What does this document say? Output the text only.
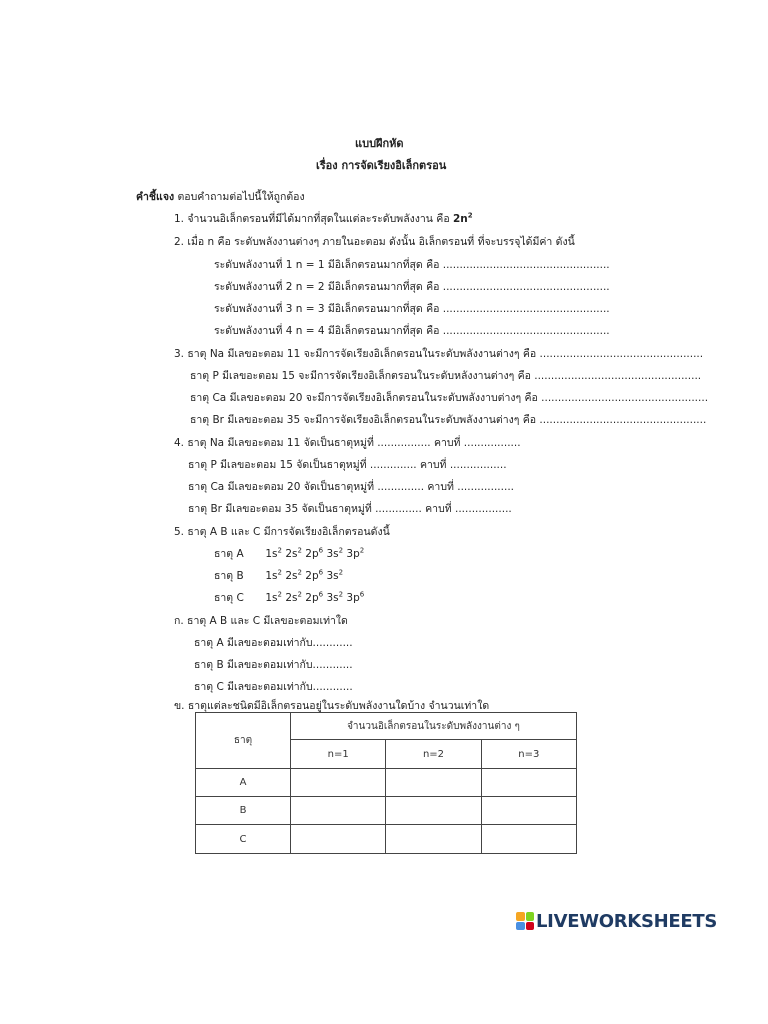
แบบฝึกหัด
เรื่อง การจัดเรียงอิเล็กตรอน
คำชี้แจง ตอบคำถามต่อไปนี้ให้ถูกต้อง
1. จำนวนอิเล็กตรอนที่มีได้มากที่สุดในแต่ละระดับพลังงาน คือ $2n^2$
2. เมื่อ n คือ ระดับพลังงานต่างๆ ภายในอะตอม ดังนั้น อิเล็กตรอนที่ ที่จะบรรจุได้มีค่า ดังนี้
ระดับพลังงานที่ 1 n = 1 มีอิเล็กตรอนมากที่สุด คือ ..................................................
ระดับพลังงานที่ 2 n = 2 มีอิเล็กตรอนมากที่สุด คือ ..................................................
ระดับพลังงานที่ 3 n = 3 มีอิเล็กตรอนมากที่สุด คือ ..................................................
ระดับพลังงานที่ 4 n = 4 มีอิเล็กตรอนมากที่สุด คือ ..................................................
3. ธาตุ Na มีเลขอะตอม 11 จะมีการจัดเรียงอิเล็กตรอนในระดับพลังงานต่างๆ คือ .................................................
ธาตุ P มีเลขอะตอม 15 จะมีการจัดเรียงอิเล็กตรอนในระดับหลังงานต่างๆ คือ ..................................................
ธาตุ Ca มีเลขอะตอม 20 จะมีการจัดเรียงอิเล็กตรอนในระดับพลังงาบต่างๆ คือ ..................................................
ธาตุ Br มีเลขอะตอม 35 จะมีการจัดเรียงอิเล็กตรอนในระดับพลังงานต่างๆ คือ ..................................................
4. ธาตุ Na มีเลขอะตอม 11 จัดเป็นธาตุหมู่ที่ ................ คาบที่ .................
ธาตุ P มีเลขอะตอม 15 จัดเป็นธาตุหมู่ที่ .............. คาบที่ .................
ธาตุ Ca มีเลขอะตอม 20 จัดเป็นธาตุหมู่ที่ .............. คาบที่ .................
ธาตุ Br มีเลขอะตอม 35 จัดเป็นธาตุหมู่ที่ .............. คาบที่ .................
5. ธาตุ A B และ C มีการจัดเรียงอิเล็กตรอนดังนี้
ธาตุ A $1s^2$ $2s^2$ $2p^6$ $3s^2$ $3p^2$
ธาตุ B $1s^2$ $2s^2$ $2p^6$ $3s^2$
ธาตุ C $1s^2$ $2s^2$ $2p^6$ $3s^2$ $3p^6$
ก. ธาตุ A B และ C มีเลขอะตอมเท่าใด
ธาตุ A มีเลขอะตอมเท่ากับ............
ธาตุ B มีเลขอะตอมเท่ากับ............
ธาตุ C มีเลขอะตอมเท่ากับ............
ข. ธาตุแต่ละชนิดมีอิเล็กตรอนอยู่ในระดับพลังงานใดบ้าง จำนวนเท่าใด
ธาตุ	จำนวนอิเล็กตรอนในระดับพลังงานต่าง ๆ		
	n=1	n=2	n=3
A			
B			
C			
LIVEWORKSHEETS
